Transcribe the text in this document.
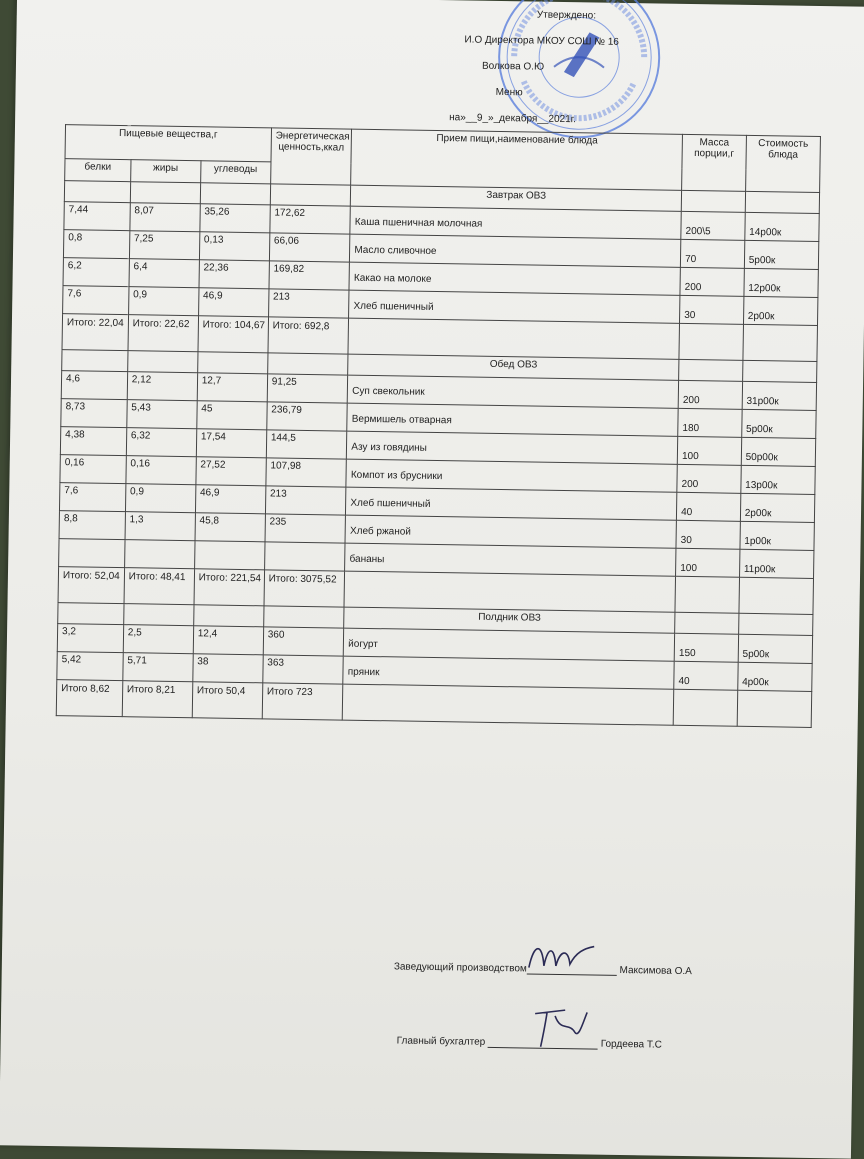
Утверждено:
И.О Директора МКОУ СОШ № 16
Волкова О.Ю
Меню
на»__9_»_декабря__2021г.
Пищевые вещества,г			Энергетическая ценность,ккал	Прием пищи,наименование блюда	Масса порции,г	Стоимость блюда
белки	жиры	углеводы				
				Завтрак ОВЗ		
7,44	8,07	35,26	172,62	Каша пшеничная молочная	200\5	14р00к
0,8	7,25	0,13	66,06	Масло сливочное	70	5р00к
6,2	6,4	22,36	169,82	Какао на молоке	200	12р00к
7,6	0,9	46,9	213	Хлеб пшеничный	30	2р00к
Итого: 22,04	Итого: 22,62	Итого: 104,67	Итого: 692,8			
				Обед ОВЗ		
4,6	2,12	12,7	91,25	Суп свекольник	200	31р00к
8,73	5,43	45	236,79	Вермишель отварная	180	5р00к
4,38	6,32	17,54	144,5	Азу из говядины	100	50р00к
0,16	0,16	27,52	107,98	Компот из брусники	200	13р00к
7,6	0,9	46,9	213	Хлеб пшеничный	40	2р00к
8,8	1,3	45,8	235	Хлеб ржаной	30	1р00к
				бананы	100	11р00к
Итого: 52,04	Итого: 48,41	Итого: 221,54	Итого: 3075,52			
				Полдник ОВЗ		
3,2	2,5	12,4	360	йогурт	150	5р00к
5,42	5,71	38	363	пряник	40	4р00к
Итого 8,62	Итого 8,21	Итого 50,4	Итого 723			
Заведующий производством	Максимова О.А
Главный бухгалтер	Гордеева Т.С
